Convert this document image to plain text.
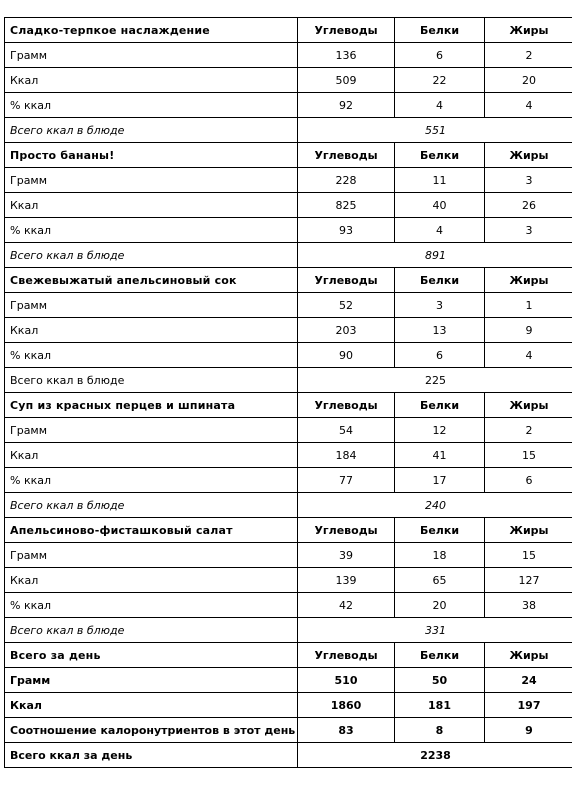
Сладко-терпкое наслаждение	Углеводы	Белки	Жиры
Грамм	136	6	2
Ккал	509	22	20
% ккал	92	4	4
Всего ккал в блюде	551		
Просто бананы!	Углеводы	Белки	Жиры
Грамм	228	11	3
Ккал	825	40	26
% ккал	93	4	3
Всего ккал в блюде	891		
Свежевыжатый апельсиновый сок	Углеводы	Белки	Жиры
Грамм	52	3	1
Ккал	203	13	9
% ккал	90	6	4
Всего ккал в блюде	225		
Суп из красных перцев и шпината	Углеводы	Белки	Жиры
Грамм	54	12	2
Ккал	184	41	15
% ккал	77	17	6
Всего ккал в блюде	240		
Апельсиново-фисташковый салат	Углеводы	Белки	Жиры
Грамм	39	18	15
Ккал	139	65	127
% ккал	42	20	38
Всего ккал в блюде	331		
Всего за день	Углеводы	Белки	Жиры
Грамм	510	50	24
Ккал	1860	181	197
Соотношение калоронутриентов в этот день	83	8	9
Всего ккал за день	2238		
